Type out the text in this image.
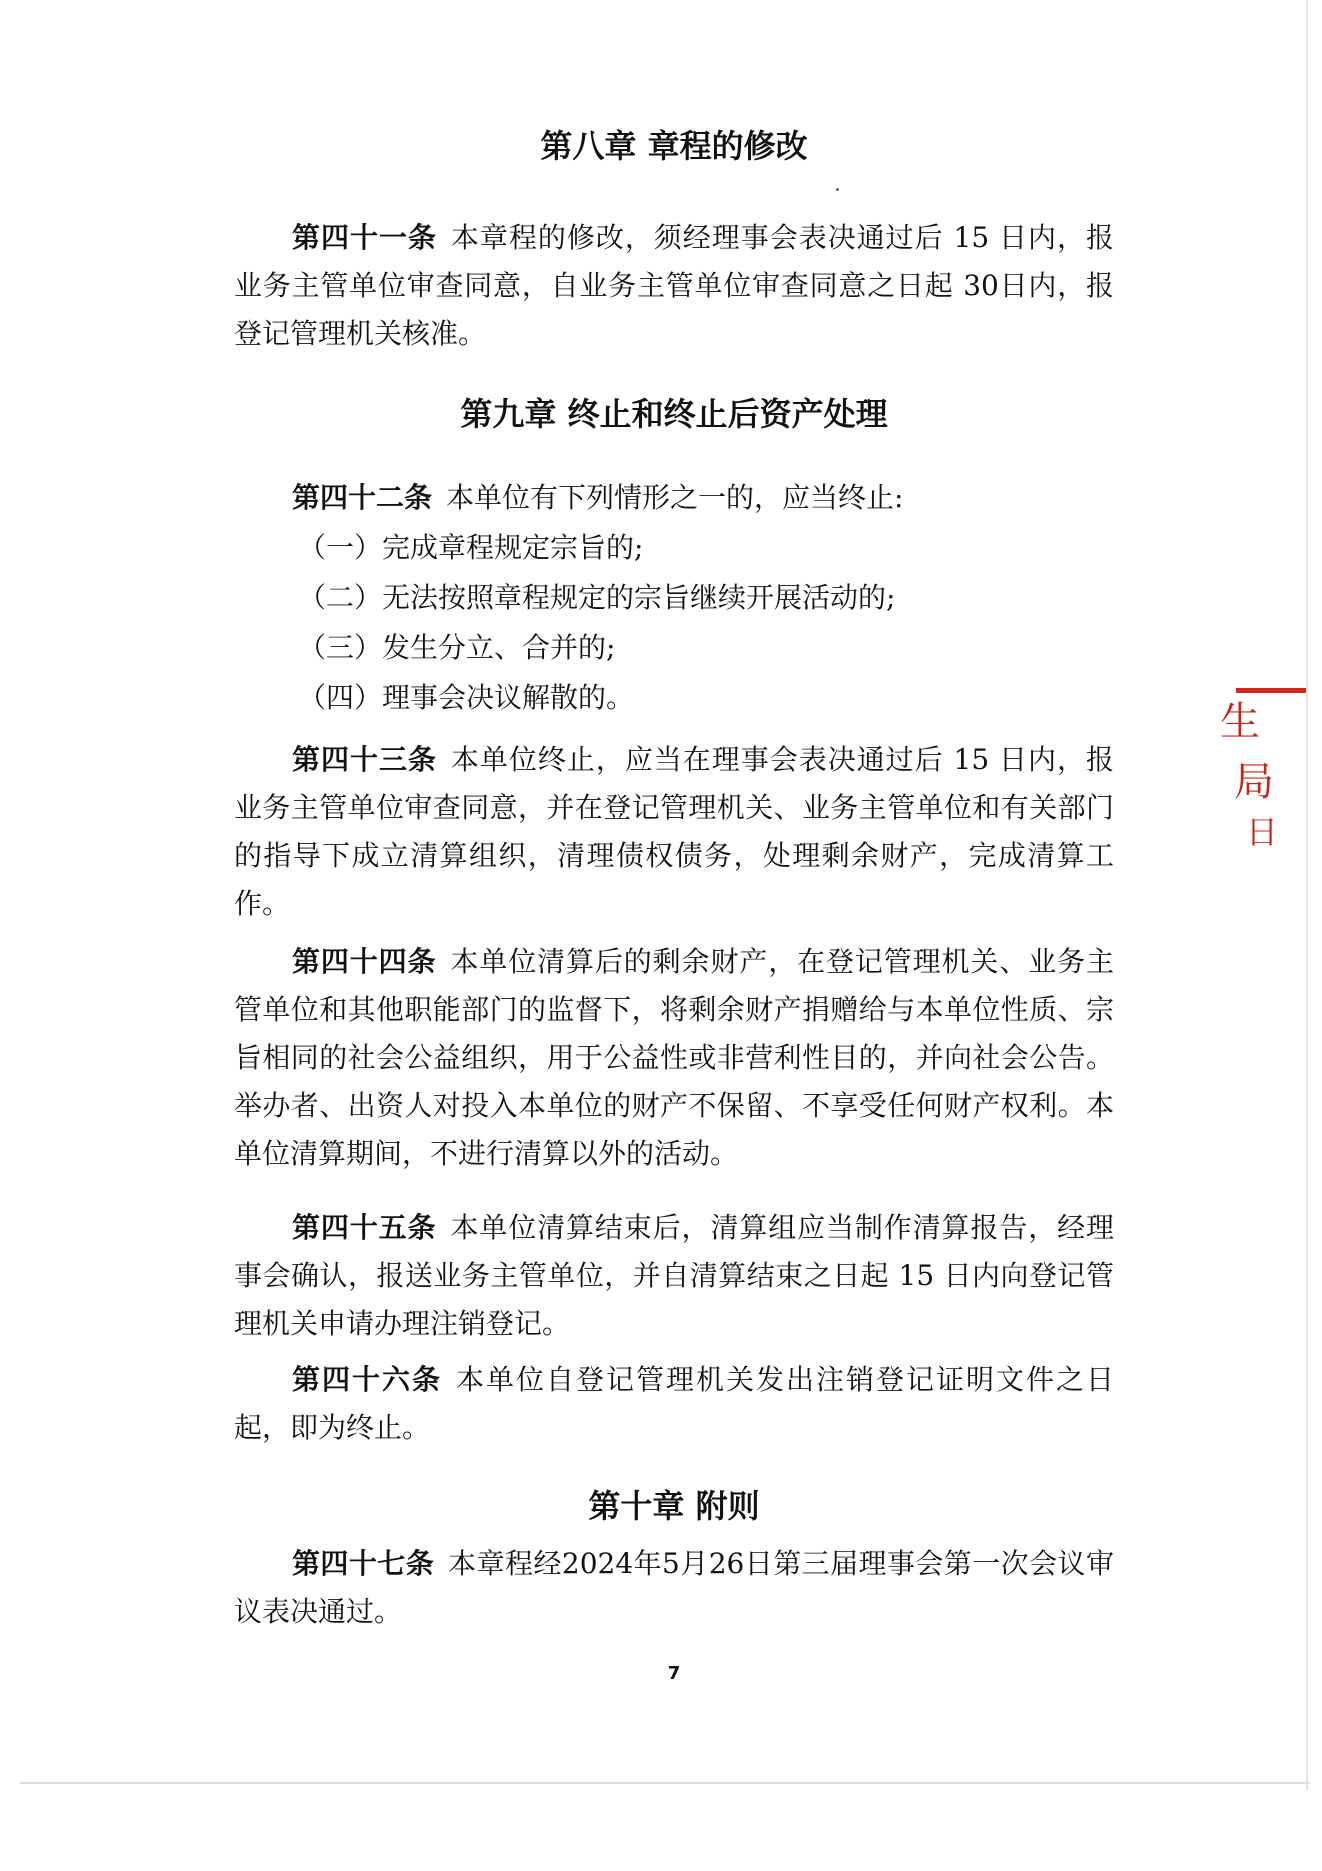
第八章 章程的修改

第四十一条 本章程的修改，须经理事会表决通过后 15 日内，报业务主管单位审查同意，自业务主管单位审查同意之日起 30日内，报登记管理机关核准。

第九章 终止和终止后资产处理

第四十二条 本单位有下列情形之一的，应当终止:

（一）完成章程规定宗旨的;

（二）无法按照章程规定的宗旨继续开展活动的;

（三）发生分立、合并的;

（四）理事会决议解散的。

第四十三条 本单位终止，应当在理事会表决通过后 15 日内，报业务主管单位审查同意，并在登记管理机关、业务主管单位和有关部门的指导下成立清算组织，清理债权债务，处理剩余财产，完成清算工作。

第四十四条 本单位清算后的剩余财产，在登记管理机关、业务主管单位和其他职能部门的监督下，将剩余财产捐赠给与本单位性质、宗旨相同的社会公益组织，用于公益性或非营利性目的，并向社会公告。举办者、出资人对投入本单位的财产不保留、不享受任何财产权利。本单位清算期间，不进行清算以外的活动。

第四十五条 本单位清算结束后，清算组应当制作清算报告，经理事会确认，报送业务主管单位，并自清算结束之日起 15 日内向登记管理机关申请办理注销登记。

第四十六条 本单位自登记管理机关发出注销登记证明文件之日起，即为终止。

第十章 附则

第四十七条 本章程经2024年5月26日第三届理事会第一次会议审议表决通过。

7
生
局
日
